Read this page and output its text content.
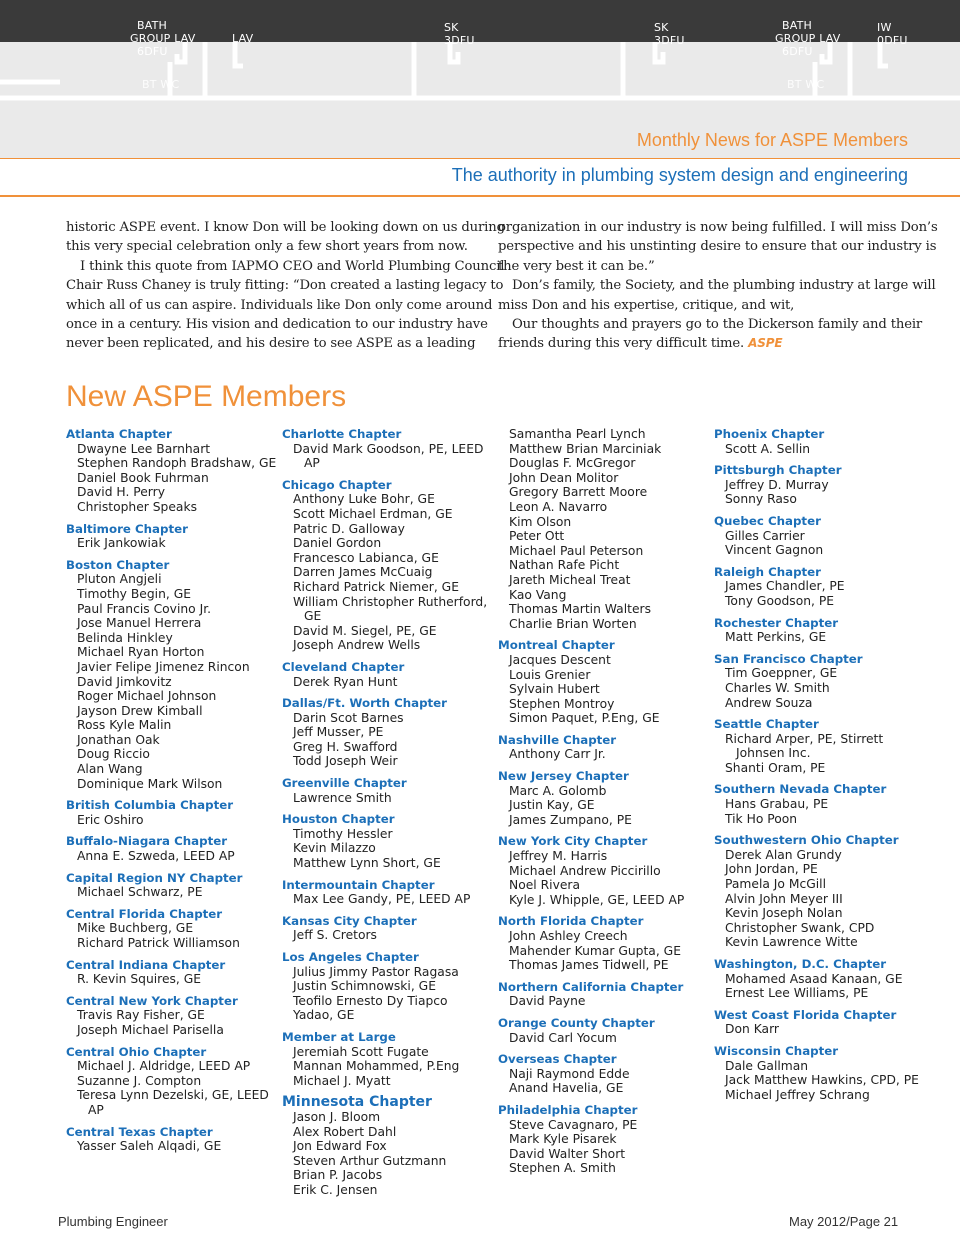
BT WC	BT WC
BATH
GROUP LAV
6DFU
LAV
SK
3DFU
SK
3DFU
BATH
GROUP LAV
6DFU
IW
0DFU
Monthly News for ASPE Members
The authority in plumbing system design and engineering

historic ASPE event. I know Don will be looking down on us during

this very special celebration only a few short years from now.

I think this quote from IAPMO CEO and World Plumbing Council

Chair Russ Chaney is truly fitting: “Don created a lasting legacy to

which all of us can aspire. Individuals like Don only come around

once in a century. His vision and dedication to our industry have

never been replicated, and his desire to see ASPE as a leading

organization in our industry is now being fulfilled. I will miss Don’s

perspective and his unstinting desire to ensure that our industry is

the very best it can be.”

Don’s family, the Society, and the plumbing industry at large will

miss Don and his expertise, critique, and wit,

Our thoughts and prayers go to the Dickerson family and their

friends during this very difficult time. ASPE

New ASPE Members
Atlanta Chapter
Dwayne Lee Barnhart
Stephen Randoph Bradshaw, GE
Daniel Book Fuhrman
David H. Perry
Christopher Speaks
Baltimore Chapter
Erik Jankowiak
Boston Chapter
Pluton Angjeli
Timothy Begin, GE
Paul Francis Covino Jr.
Jose Manuel Herrera
Belinda Hinkley
Michael Ryan Horton
Javier Felipe Jimenez Rincon
David Jimkovitz
Roger Michael Johnson
Jayson Drew Kimball
Ross Kyle Malin
Jonathan Oak
Doug Riccio
Alan Wang
Dominique Mark Wilson
British Columbia Chapter
Eric Oshiro
Buffalo-Niagara Chapter
Anna E. Szweda, LEED AP
Capital Region NY Chapter
Michael Schwarz, PE
Central Florida Chapter
Mike Buchberg, GE
Richard Patrick Williamson
Central Indiana Chapter
R. Kevin Squires, GE
Central New York Chapter
Travis Ray Fisher, GE
Joseph Michael Parisella
Central Ohio Chapter
Michael J. Aldridge, LEED AP
Suzanne J. Compton
Teresa Lynn Dezelski, GE, LEED
AP
Central Texas Chapter
Yasser Saleh Alqadi, GE
Charlotte Chapter
David Mark Goodson, PE, LEED
AP
Chicago Chapter
Anthony Luke Bohr, GE
Scott Michael Erdman, GE
Patric D. Galloway
Daniel Gordon
Francesco Labianca, GE
Darren James McCuaig
Richard Patrick Niemer, GE
William Christopher Rutherford,
GE
David M. Siegel, PE, GE
Joseph Andrew Wells
Cleveland Chapter
Derek Ryan Hunt
Dallas/Ft. Worth Chapter
Darin Scot Barnes
Jeff Musser, PE
Greg H. Swafford
Todd Joseph Weir
Greenville Chapter
Lawrence Smith
Houston Chapter
Timothy Hessler
Kevin Milazzo
Matthew Lynn Short, GE
Intermountain Chapter
Max Lee Gandy, PE, LEED AP
Kansas City Chapter
Jeff S. Cretors
Los Angeles Chapter
Julius Jimmy Pastor Ragasa
Justin Schimnowski, GE
Teofilo Ernesto Dy Tiapco
Yadao, GE
Member at Large
Jeremiah Scott Fugate
Mannan Mohammed, P.Eng
Michael J. Myatt
Minnesota Chapter
Jason J. Bloom
Alex Robert Dahl
Jon Edward Fox
Steven Arthur Gutzmann
Brian P. Jacobs
Erik C. Jensen
Samantha Pearl Lynch
Matthew Brian Marciniak
Douglas F. McGregor
John Dean Molitor
Gregory Barrett Moore
Leon A. Navarro
Kim Olson
Peter Ott
Michael Paul Peterson
Nathan Rafe Picht
Jareth Micheal Treat
Kao Vang
Thomas Martin Walters
Charlie Brian Worten
Montreal Chapter
Jacques Descent
Louis Grenier
Sylvain Hubert
Stephen Montroy
Simon Paquet, P.Eng, GE
Nashville Chapter
Anthony Carr Jr.
New Jersey Chapter
Marc A. Golomb
Justin Kay, GE
James Zumpano, PE
New York City Chapter
Jeffrey M. Harris
Michael Andrew Piccirillo
Noel Rivera
Kyle J. Whipple, GE, LEED AP
North Florida Chapter
John Ashley Creech
Mahender Kumar Gupta, GE
Thomas James Tidwell, PE
Northern California Chapter
David Payne
Orange County Chapter
David Carl Yocum
Overseas Chapter
Naji Raymond Edde
Anand Havelia, GE
Philadelphia Chapter
Steve Cavagnaro, PE
Mark Kyle Pisarek
David Walter Short
Stephen A. Smith
Phoenix Chapter
Scott A. Sellin
Pittsburgh Chapter
Jeffrey D. Murray
Sonny Raso
Quebec Chapter
Gilles Carrier
Vincent Gagnon
Raleigh Chapter
James Chandler, PE
Tony Goodson, PE
Rochester Chapter
Matt Perkins, GE
San Francisco Chapter
Tim Goeppner, GE
Charles W. Smith
Andrew Souza
Seattle Chapter
Richard Arper, PE, Stirrett
Johnsen Inc.
Shanti Oram, PE
Southern Nevada Chapter
Hans Grabau, PE
Tik Ho Poon
Southwestern Ohio Chapter
Derek Alan Grundy
John Jordan, PE
Pamela Jo McGill
Alvin John Meyer III
Kevin Joseph Nolan
Christopher Swank, CPD
Kevin Lawrence Witte
Washington, D.C. Chapter
Mohamed Asaad Kanaan, GE
Ernest Lee Williams, PE
West Coast Florida Chapter
Don Karr
Wisconsin Chapter
Dale Gallman
Jack Matthew Hawkins, CPD, PE
Michael Jeffrey Schrang
Plumbing Engineer	May 2012/Page 21
